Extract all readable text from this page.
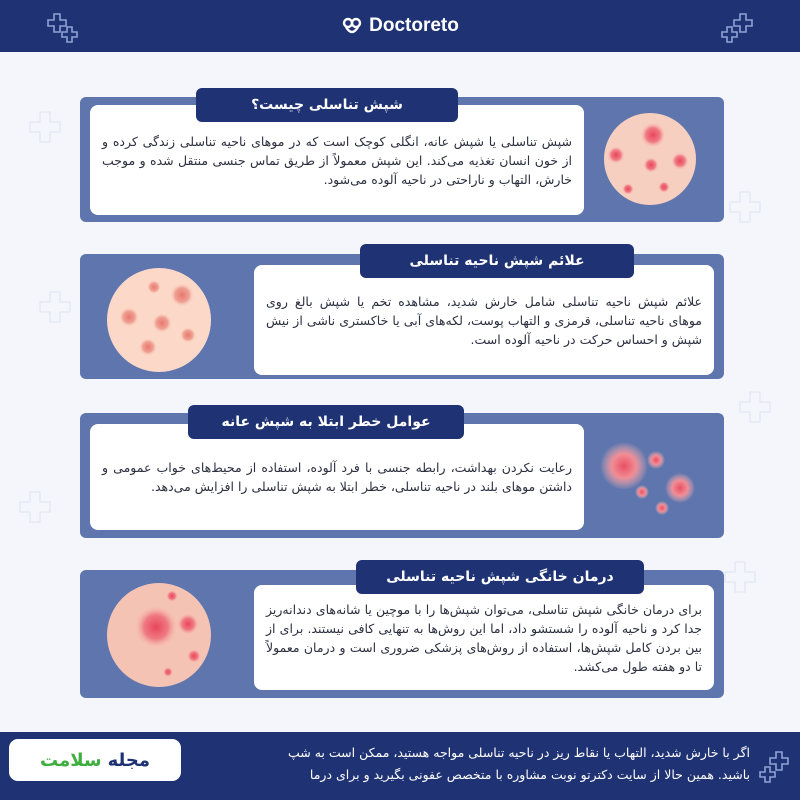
Doctoreto
شپش تناسلی یا شپش عانه، انگلی کوچک است که در موهای ناحیه تناسلی زندگی کرده و از خون انسان تغذیه می‌کند. این شپش معمولاً از طریق تماس جنسی منتقل شده و موجب خارش، التهاب و ناراحتی در ناحیه آلوده می‌شود.
شپش تناسلی چیست؟
علائم شپش ناحیه تناسلی شامل خارش شدید، مشاهده تخم یا شپش بالغ روی موهای ناحیه تناسلی، قرمزی و التهاب پوست، لکه‌های آبی یا خاکستری ناشی از نیش شپش و احساس حرکت در ناحیه آلوده است.
علائم شپش ناحیه تناسلی
رعایت نکردن بهداشت، رابطه جنسی با فرد آلوده، استفاده از محیط‌های خواب عمومی و داشتن موهای بلند در ناحیه تناسلی، خطر ابتلا به شپش تناسلی را افزایش می‌دهد.
عوامل خطر ابتلا به شپش عانه
برای درمان خانگی شپش تناسلی، می‌توان شپش‌ها را با موچین یا شانه‌های دندانه‌ریز جدا کرد و ناحیه آلوده را شستشو داد، اما این روش‌ها به تنهایی کافی نیستند. برای از بین بردن کامل شپش‌ها، استفاده از روش‌های پزشکی ضروری است و درمان معمولاً تا دو هفته طول می‌کشد.
درمان خانگی شپش ناحیه تناسلی
اگر با خارش شدید، التهاب یا نقاط ریز در ناحیه تناسلی مواجه هستید، ممکن است به شپ
باشید. همین حالا از سایت دکترتو نوبت مشاوره با متخصص عفونی بگیرید و برای درما
مجله
سلامت
